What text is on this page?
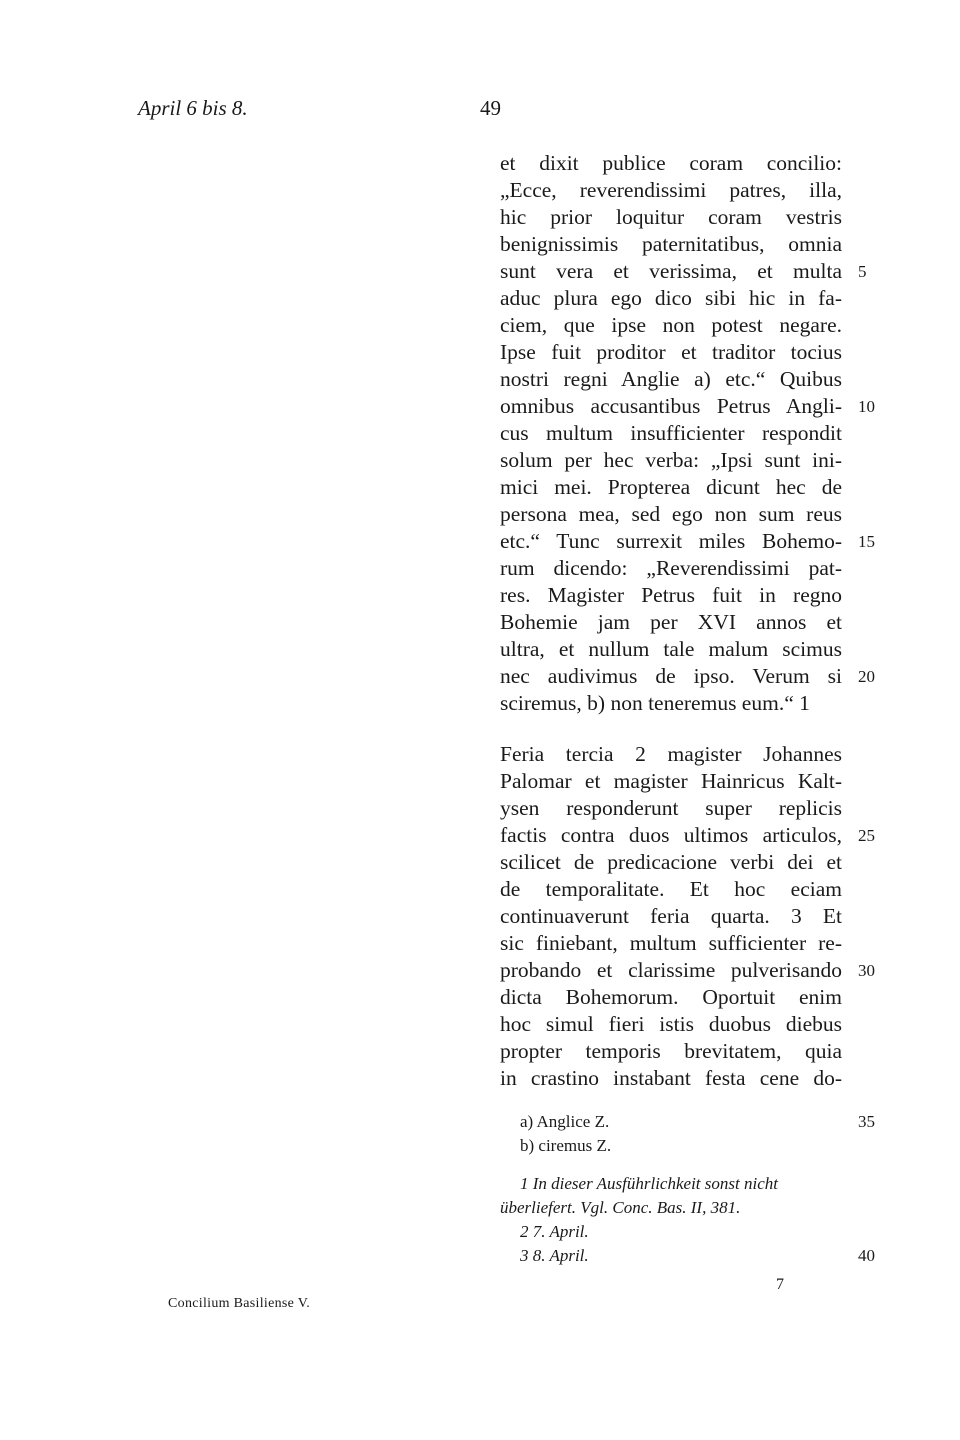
April 6 bis 8.	49
et dixit publice coram concilio:
„Ecce, reverendissimi patres, illa,
hic prior loquitur coram vestris
benignissimis paternitatibus, omnia
sunt vera et verissima, et multa
aduc plura ego dico sibi hic in fa-
ciem, que ipse non potest negare.
Ipse fuit proditor et traditor tocius
nostri regni Anglie a) etc.“ Quibus
omnibus accusantibus Petrus Angli-
cus multum insufficienter respondit
solum per hec verba: „Ipsi sunt ini-
mici mei. Propterea dicunt hec de
persona mea, sed ego non sum reus
etc.“ Tunc surrexit miles Bohemo-
rum dicendo: „Reverendissimi pat-
res. Magister Petrus fuit in regno
Bohemie jam per XVI annos et
ultra, et nullum tale malum scimus
nec audivimus de ipso. Verum si
sciremus, b) non teneremus eum.“ 1
Feria tercia 2 magister Johannes
Palomar et magister Hainricus Kalt-
ysen responderunt super replicis
factis contra duos ultimos articulos,
scilicet de predicacione verbi dei et
de temporalitate. Et hoc eciam
continuaverunt feria quarta. 3 Et
sic finiebant, multum sufficienter re-
probando et clarissime pulverisando
dicta Bohemorum. Oportuit enim
hoc simul fieri istis duobus diebus
propter temporis brevitatem, quia
in crastino instabant festa cene do-
5
10
15
20
25
30
35
40
a) Anglice Z.
b) ciremus Z.
1 In dieser Ausführlichkeit sonst nicht
überliefert. Vgl. Conc. Bas. II, 381.
2 7. April.
3 8. April.
Concilium Basiliense V.
7
